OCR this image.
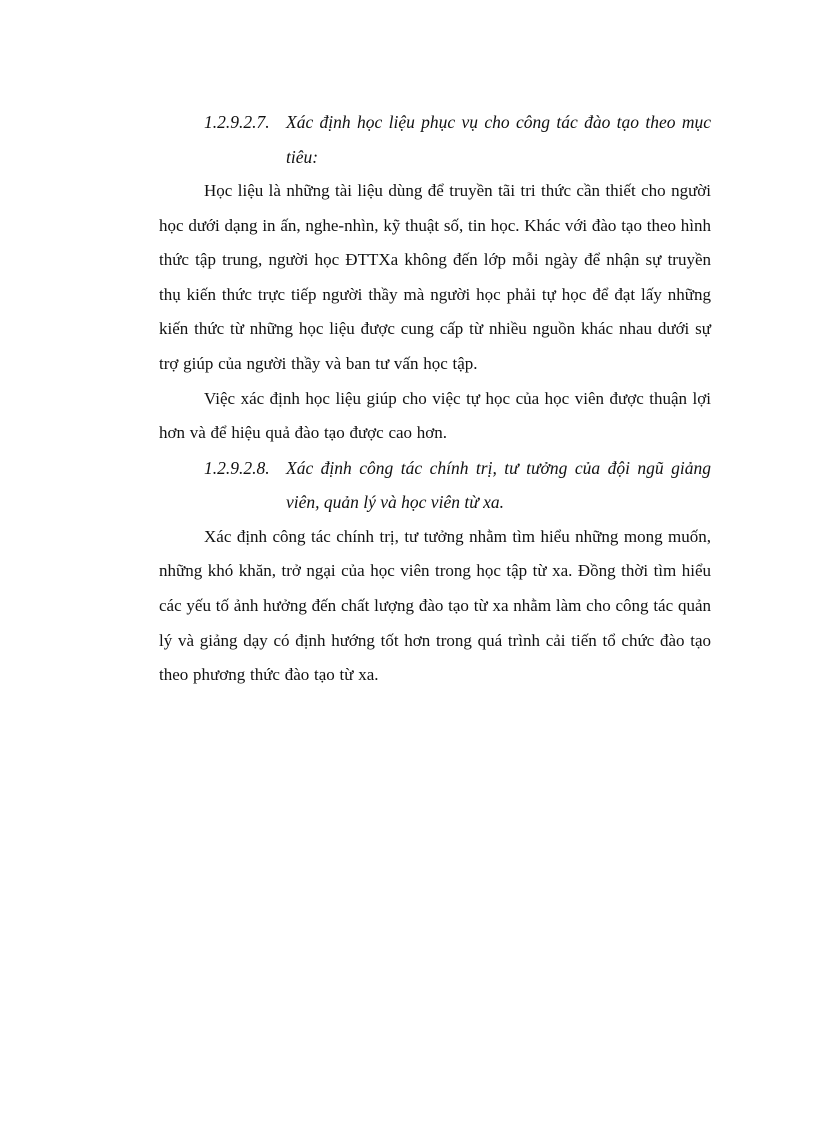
1.2.9.2.7. Xác định học liệu phục vụ cho công tác đào tạo theo mục tiêu:

Học liệu là những tài liệu dùng để truyền tãi tri thức cần thiết cho người học dưới dạng in ấn, nghe-nhìn, kỹ thuật số, tin học. Khác với đào tạo theo hình thức tập trung, người học ĐTTXa không đến lớp mỗi ngày để nhận sự truyền thụ kiến thức trực tiếp người thầy mà người học phải tự học để đạt lấy những kiến thức từ những học liệu được cung cấp từ nhiều nguồn khác nhau dưới sự trợ giúp của người thầy và ban tư vấn học tập.

Việc xác định học liệu giúp cho việc tự học của học viên được thuận lợi hơn và để hiệu quả đào tạo được cao hơn.

1.2.9.2.8. Xác định công tác chính trị, tư tưởng của đội ngũ giảng viên, quản lý và học viên từ xa.

Xác định công tác chính trị, tư tưởng nhằm tìm hiểu những mong muốn, những khó khăn, trở ngại của học viên trong học tập từ xa. Đồng thời tìm hiểu các yếu tố ảnh hưởng đến chất lượng đào tạo từ xa nhằm làm cho công tác quản lý và giảng dạy có định hướng tốt hơn trong quá trình cải tiến tổ chức đào tạo theo phương thức đào tạo từ xa.
